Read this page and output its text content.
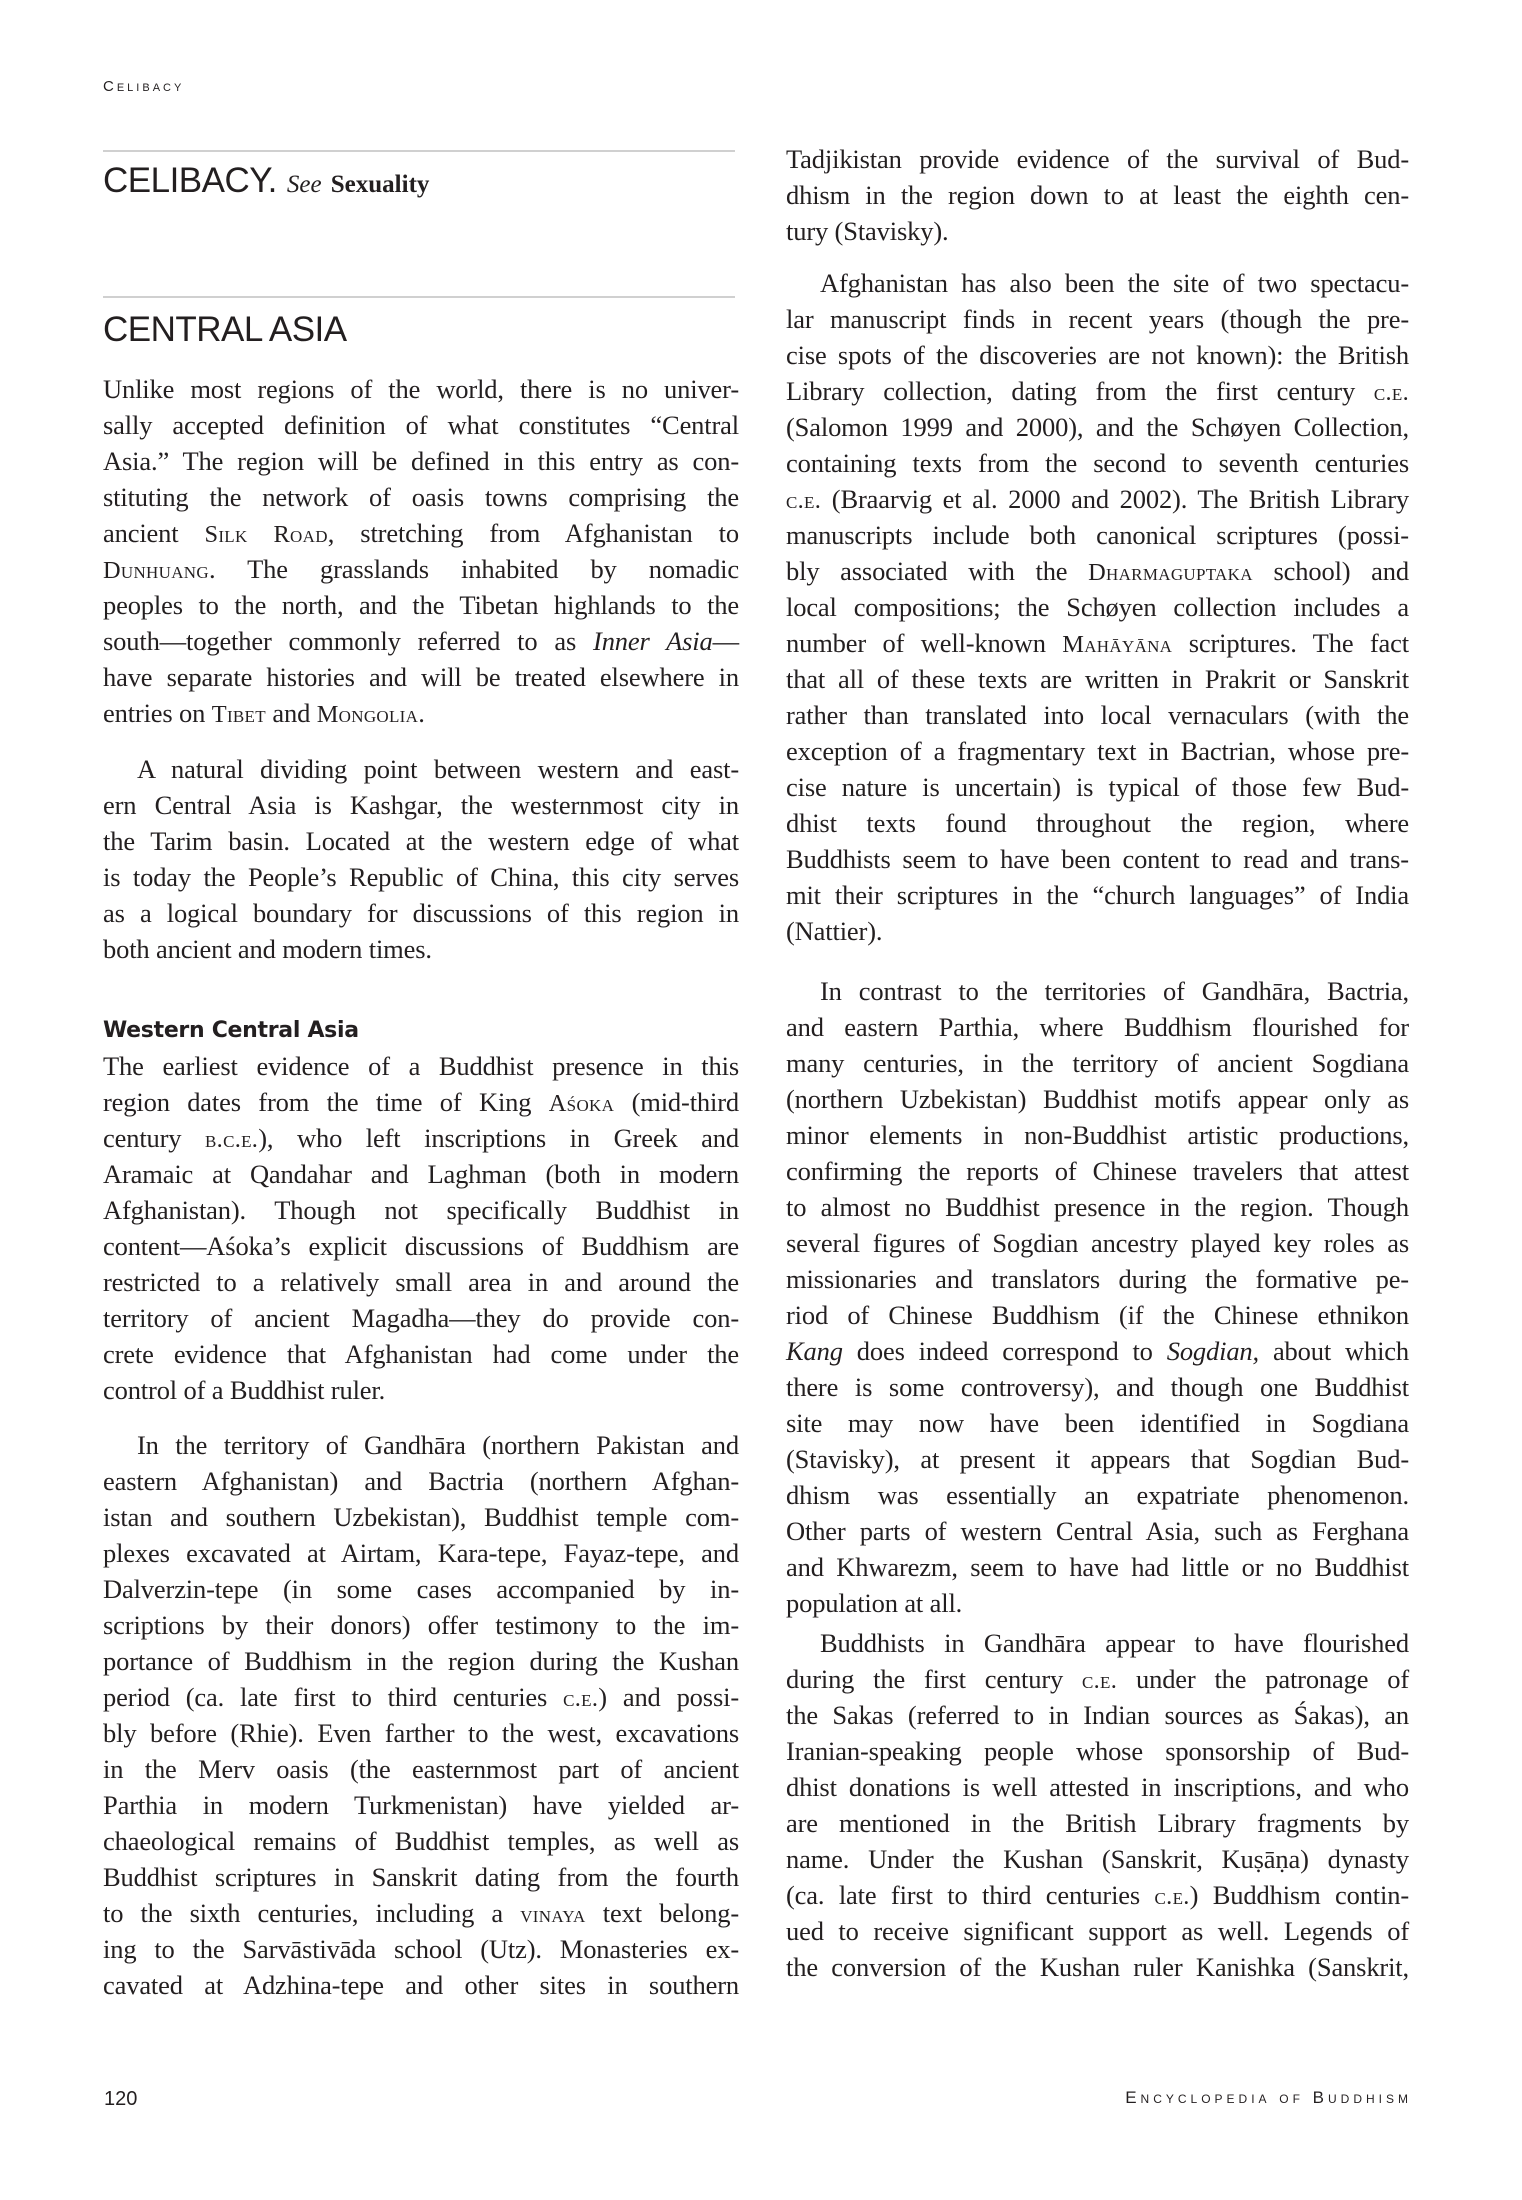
Celibacy
CELIBACY. See Sexuality
CENTRAL ASIA
Unlike most regions of the world, there is no univer-
sally accepted definition of what constitutes “Central
Asia.” The region will be defined in this entry as con-
stituting the network of oasis towns comprising the
ancient Silk Road, stretching from Afghanistan to
Dunhuang. The grasslands inhabited by nomadic
peoples to the north, and the Tibetan highlands to the
south—together commonly referred to as Inner Asia—
have separate histories and will be treated elsewhere in
entries on Tibet and Mongolia.
A natural dividing point between western and east-
ern Central Asia is Kashgar, the westernmost city in
the Tarim basin. Located at the western edge of what
is today the People’s Republic of China, this city serves
as a logical boundary for discussions of this region in
both ancient and modern times.
Western Central Asia
The earliest evidence of a Buddhist presence in this
region dates from the time of King Aśoka (mid-third
century b.c.e.), who left inscriptions in Greek and
Aramaic at Qandahar and Laghman (both in modern
Afghanistan). Though not specifically Buddhist in
content—Aśoka’s explicit discussions of Buddhism are
restricted to a relatively small area in and around the
territory of ancient Magadha—they do provide con-
crete evidence that Afghanistan had come under the
control of a Buddhist ruler.
In the territory of Gandhāra (northern Pakistan and
eastern Afghanistan) and Bactria (northern Afghan-
istan and southern Uzbekistan), Buddhist temple com-
plexes excavated at Airtam, Kara-tepe, Fayaz-tepe, and
Dalverzin-tepe (in some cases accompanied by in-
scriptions by their donors) offer testimony to the im-
portance of Buddhism in the region during the Kushan
period (ca. late first to third centuries c.e.) and possi-
bly before (Rhie). Even farther to the west, excavations
in the Merv oasis (the easternmost part of ancient
Parthia in modern Turkmenistan) have yielded ar-
chaeological remains of Buddhist temples, as well as
Buddhist scriptures in Sanskrit dating from the fourth
to the sixth centuries, including a vinaya text belong-
ing to the Sarvāstivāda school (Utz). Monasteries ex-
cavated at Adzhina-tepe and other sites in southern
Tadjikistan provide evidence of the survival of Bud-
dhism in the region down to at least the eighth cen-
tury (Stavisky).
Afghanistan has also been the site of two spectacu-
lar manuscript finds in recent years (though the pre-
cise spots of the discoveries are not known): the British
Library collection, dating from the first century c.e.
(Salomon 1999 and 2000), and the Schøyen Collection,
containing texts from the second to seventh centuries
c.e. (Braarvig et al. 2000 and 2002). The British Library
manuscripts include both canonical scriptures (possi-
bly associated with the Dharmaguptaka school) and
local compositions; the Schøyen collection includes a
number of well-known Mahāyāna scriptures. The fact
that all of these texts are written in Prakrit or Sanskrit
rather than translated into local vernaculars (with the
exception of a fragmentary text in Bactrian, whose pre-
cise nature is uncertain) is typical of those few Bud-
dhist texts found throughout the region, where
Buddhists seem to have been content to read and trans-
mit their scriptures in the “church languages” of India
(Nattier).
In contrast to the territories of Gandhāra, Bactria,
and eastern Parthia, where Buddhism flourished for
many centuries, in the territory of ancient Sogdiana
(northern Uzbekistan) Buddhist motifs appear only as
minor elements in non-Buddhist artistic productions,
confirming the reports of Chinese travelers that attest
to almost no Buddhist presence in the region. Though
several figures of Sogdian ancestry played key roles as
missionaries and translators during the formative pe-
riod of Chinese Buddhism (if the Chinese ethnikon
Kang does indeed correspond to Sogdian, about which
there is some controversy), and though one Buddhist
site may now have been identified in Sogdiana
(Stavisky), at present it appears that Sogdian Bud-
dhism was essentially an expatriate phenomenon.
Other parts of western Central Asia, such as Ferghana
and Khwarezm, seem to have had little or no Buddhist
population at all.
Buddhists in Gandhāra appear to have flourished
during the first century c.e. under the patronage of
the Sakas (referred to in Indian sources as Śakas), an
Iranian-speaking people whose sponsorship of Bud-
dhist donations is well attested in inscriptions, and who
are mentioned in the British Library fragments by
name. Under the Kushan (Sanskrit, Kuṣāṇa) dynasty
(ca. late first to third centuries c.e.) Buddhism contin-
ued to receive significant support as well. Legends of
the conversion of the Kushan ruler Kanishka (Sanskrit,
120	Encyclopedia of Buddhism
